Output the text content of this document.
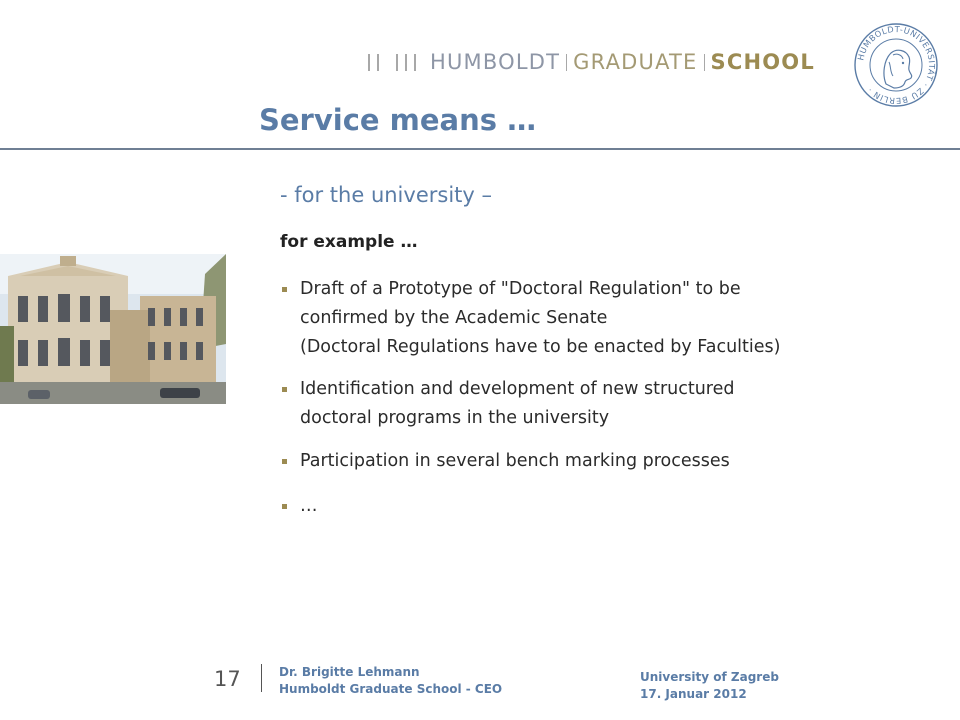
HUMBOLDT GRADUATE SCHOOL	HUMBOLDT-UNIVERSITÄT · ZU BERLIN ·
Service means …
- for the university –
for example …
Draft of a Prototype of "Doctoral Regulation" to be
confirmed by the Academic Senate
(Doctoral Regulations have to be enacted by Faculties)
Identification and development of new structured
doctoral programs in the university
Participation in several bench marking processes
…
17	Dr. Brigitte Lehmann
Humboldt Graduate School - CEO
University of Zagreb
17. Januar 2012
